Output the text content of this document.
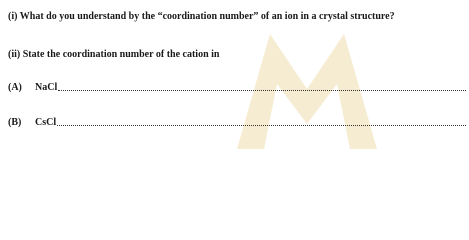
(i) What do you understand by the “coordination number” of an ion in a crystal structure?
(ii) State the coordination number of the cation in
(A)	NaCl
(B)	CsCl
